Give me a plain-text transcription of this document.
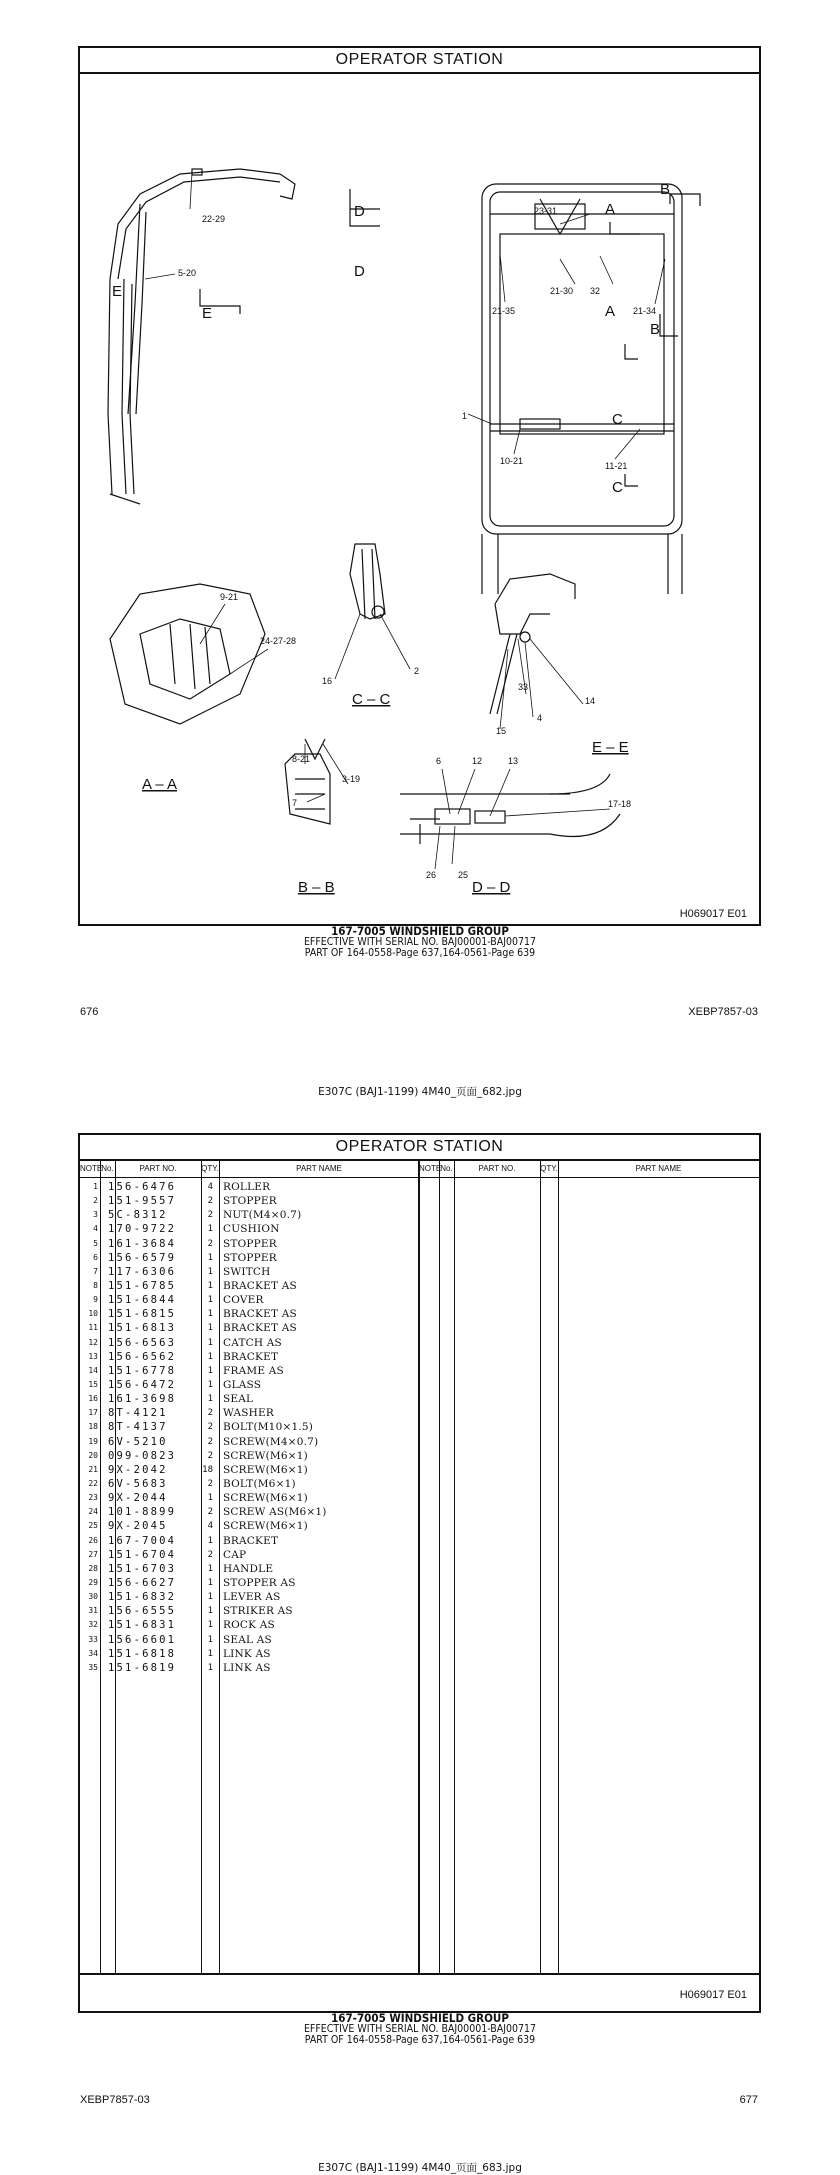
OPERATOR STATION
22-29
5-20
D
D
E
E
23-31	A
B
21-30 32
A
21-35	21-34
B
C
1
10-21
C
11-21
9-21
24-27-28
A – A
16
2
C – C
33
14
4
15
E – E
8-21
3-19
7
B – B
6	12	13
17-18
26 25
D – D
H069017 E01
167-7005 WINDSHIELD GROUP
EFFECTIVE WITH SERIAL NO. BAJ00001-BAJ00717
PART OF 164-0558-Page 637,164-0561-Page 639
676	XEBP7857-03
E307C (BAJ1-1199) 4M40_页面_682.jpg
OPERATOR STATION
NOTE No.	PART NO.	QTY.	PART NAME	NOTE No.	PART NO.	QTY.	PART NAME
1 156-6476	4 ROLLER
2 151-9557	2 STOPPER
3 5C-8312	2 NUT(M4×0.7)
4 170-9722	1 CUSHION
5 161-3684	2 STOPPER
6 156-6579	1 STOPPER
7 117-6306	1 SWITCH
8 151-6785	1 BRACKET AS
9 151-6844	1 COVER
10 151-6815	1 BRACKET AS
11 151-6813	1 BRACKET AS
12 156-6563	1 CATCH AS
13 156-6562	1 BRACKET
14 151-6778	1 FRAME AS
15 156-6472	1 GLASS
16 161-3698	1 SEAL
17 8T-4121	2 WASHER
18 8T-4137	2 BOLT(M10×1.5)
19 6V-5210	2 SCREW(M4×0.7)
20 099-0823	2 SCREW(M6×1)
21 9X-2042	18 SCREW(M6×1)
22 6V-5683	2 BOLT(M6×1)
23 9X-2044	1 SCREW(M6×1)
24 101-8899	2 SCREW AS(M6×1)
25 9X-2045	4 SCREW(M6×1)
26 167-7004	1 BRACKET
27 151-6704	2 CAP
28 151-6703	1 HANDLE
29 156-6627	1 STOPPER AS
30 151-6832	1 LEVER AS
31 156-6555	1 STRIKER AS
32 151-6831	1 ROCK AS
33 156-6601	1 SEAL AS
34 151-6818	1 LINK AS
35 151-6819	1 LINK AS
H069017 E01
167-7005 WINDSHIELD GROUP
EFFECTIVE WITH SERIAL NO. BAJ00001-BAJ00717
PART OF 164-0558-Page 637,164-0561-Page 639
XEBP7857-03	677
E307C (BAJ1-1199) 4M40_页面_683.jpg
